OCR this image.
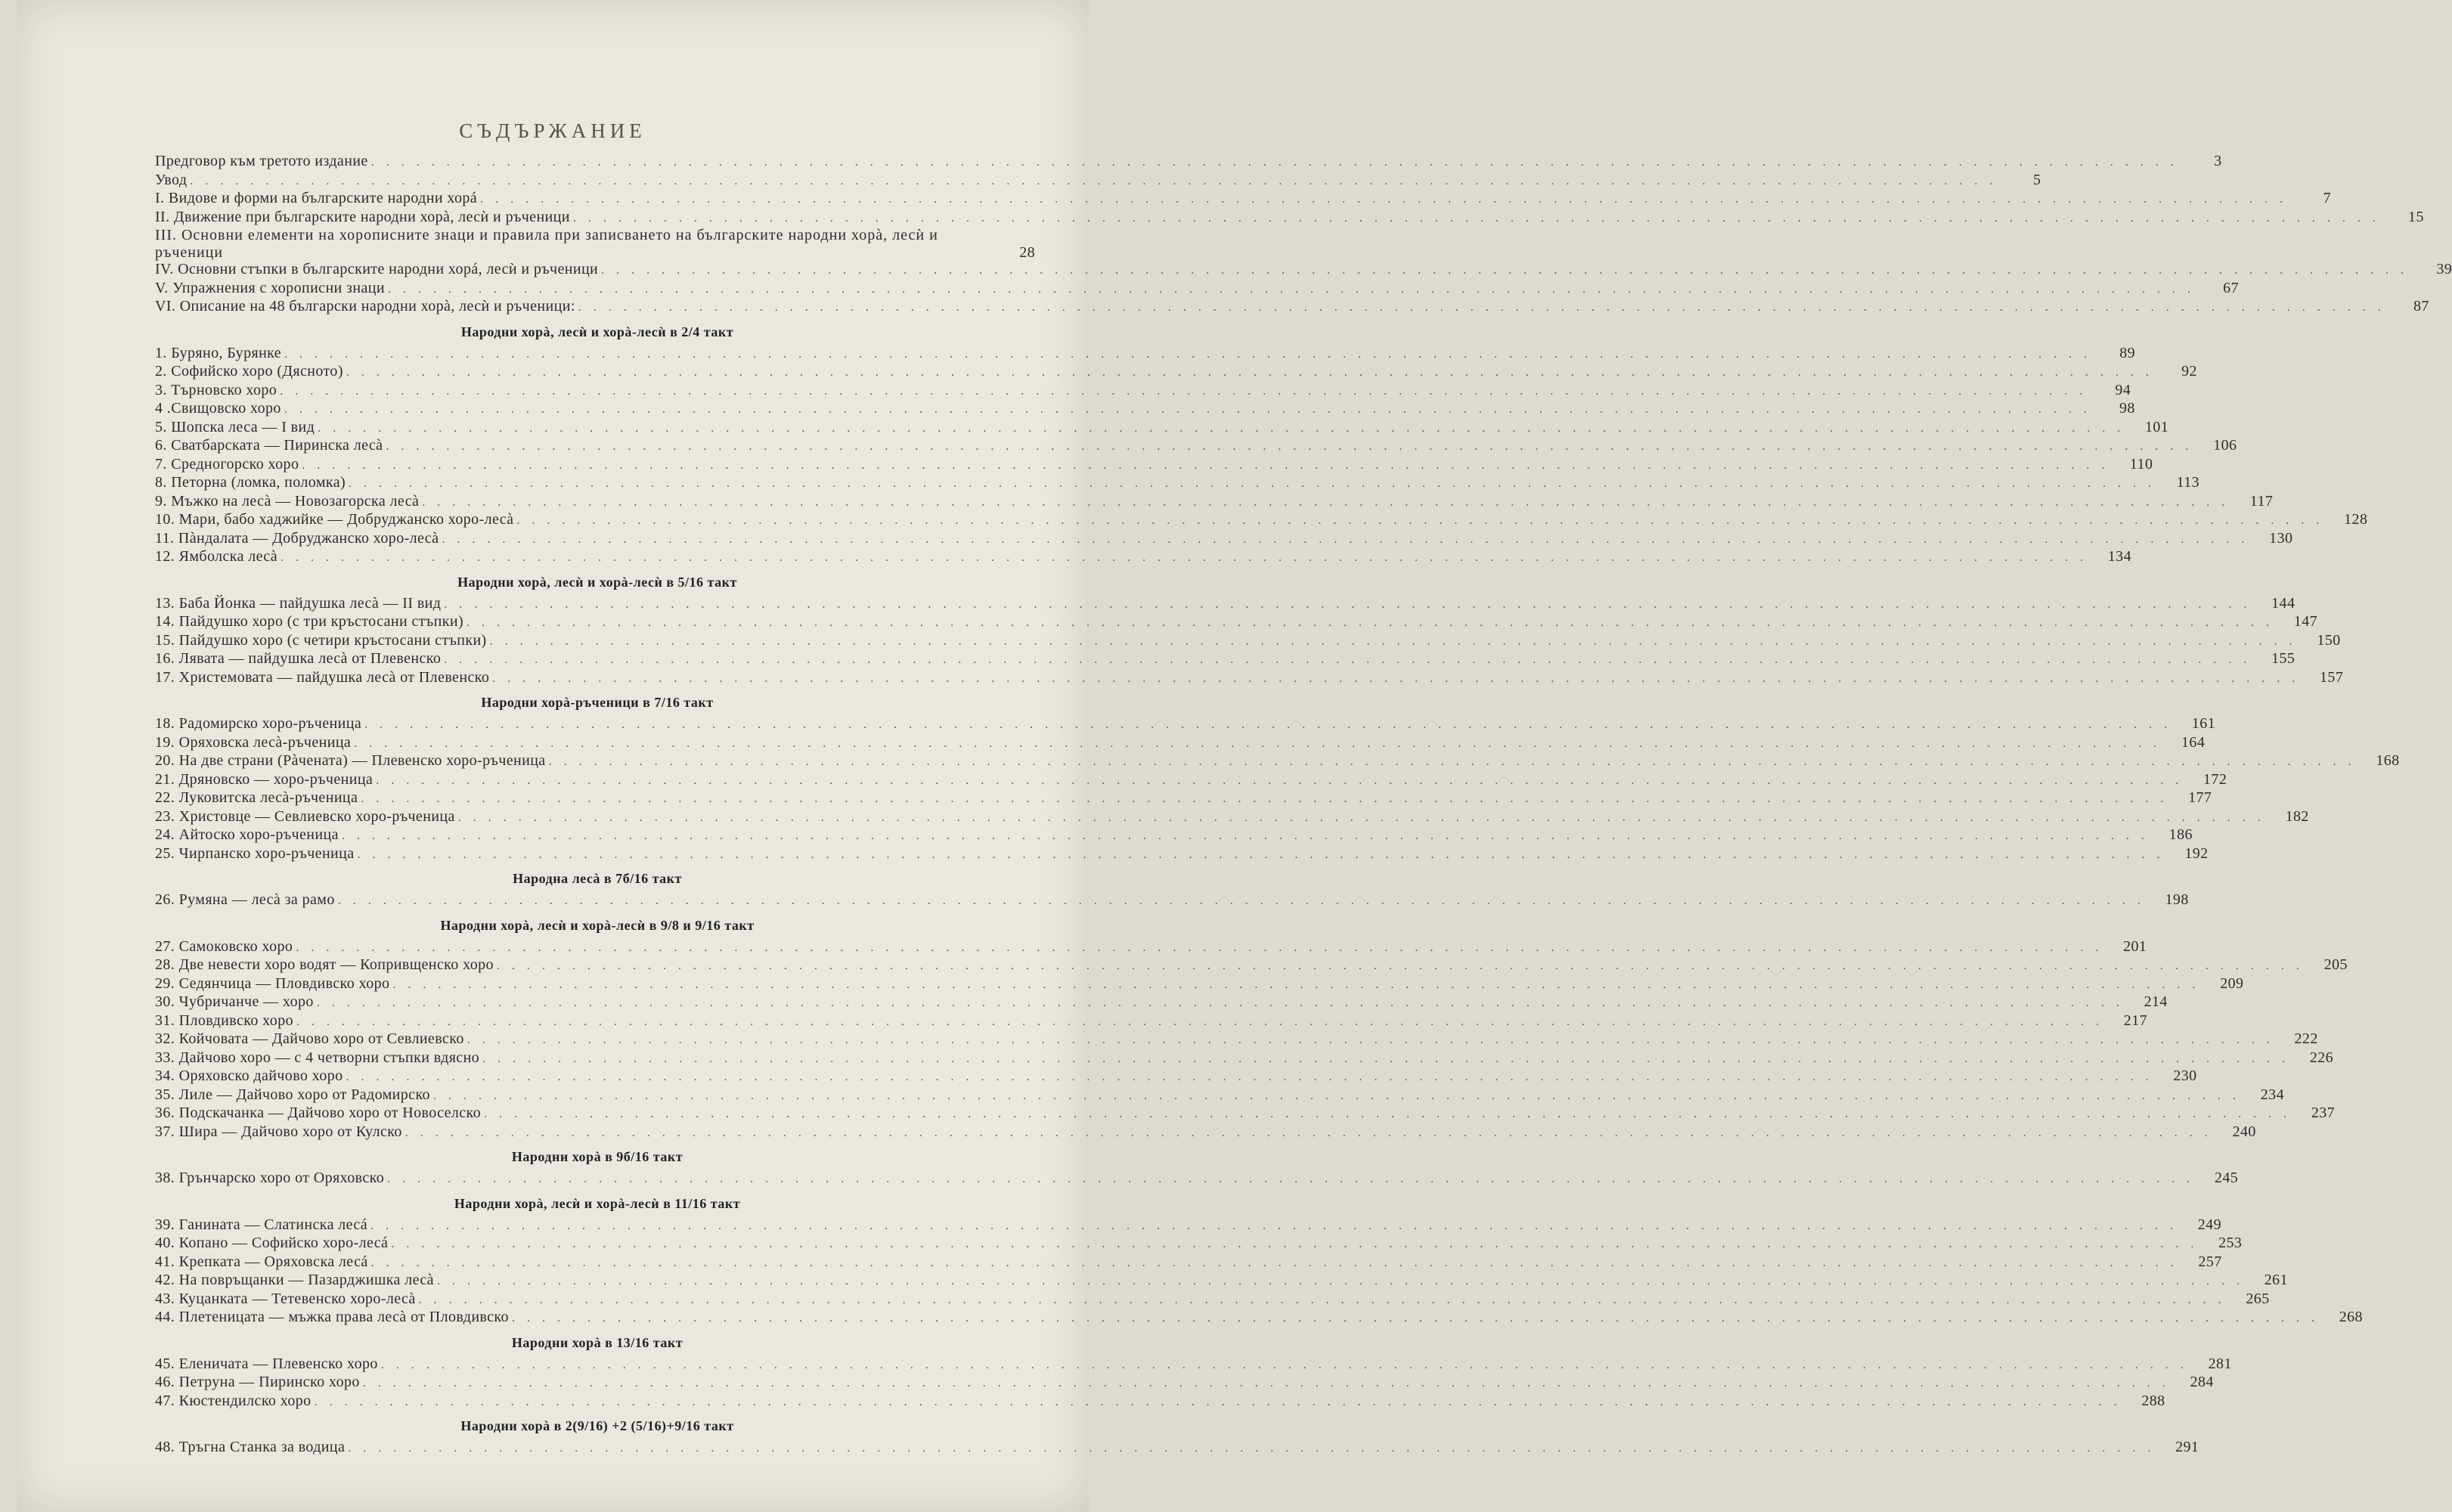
СЪДЪРЖАНИЕ
Предговор към третото издание . . . . . . . . . . . . . . . . . . . . . . . . . . . . . . . . . . . . . . . . . . . . . . . . . . . . . . . . . . . . . . . . . . . . . . . . . . . . . . . . . . . . . . . . . . . . . . . . . . . . . . . . . . . . . . . . . . . . . . . .	3
Увод . . . . . . . . . . . . . . . . . . . . . . . . . . . . . . . . . . . . . . . . . . . . . . . . . . . . . . . . . . . . . . . . . . . . . . . . . . . . . . . . . . . . . . . . . . . . . . . . . . . . . . . . . . . . . . . . . . . . . . . .	5
I. Видове и форми на българските народни хорá . . . . . . . . . . . . . . . . . . . . . . . . . . . . . . . . . . . . . . . . . . . . . . . . . . . . . . . . . . . . . . . . . . . . . . . . . . . . . . . . . . . . . . . . . . . . . . . . . . . . . . . . . . . . . . . . . . . . . . . .	7
II. Движение при българските народни хорà, лесѝ и ръченици . . . . . . . . . . . . . . . . . . . . . . . . . . . . . . . . . . . . . . . . . . . . . . . . . . . . . . . . . . . . . . . . . . . . . . . . . . . . . . . . . . . . . . . . . . . . . . . . . . . . . . . . . . . . . . . . . . . . . . . .	15
III. Основни елементи на хорописните знаци и правила при записването на българските народни хорà, лесѝ и ръченици	28
IV. Основни стъпки в българските народни хорá, лесѝ и ръченици . . . . . . . . . . . . . . . . . . . . . . . . . . . . . . . . . . . . . . . . . . . . . . . . . . . . . . . . . . . . . . . . . . . . . . . . . . . . . . . . . . . . . . . . . . . . . . . . . . . . . . . . . . . . . . . . . . . . . . . .	39
V. Упражнения с хорописни знаци . . . . . . . . . . . . . . . . . . . . . . . . . . . . . . . . . . . . . . . . . . . . . . . . . . . . . . . . . . . . . . . . . . . . . . . . . . . . . . . . . . . . . . . . . . . . . . . . . . . . . . . . . . . . . . . . . . . . . . . .	67
VI. Описание на 48 български народни хорà, лесѝ и ръченици: . . . . . . . . . . . . . . . . . . . . . . . . . . . . . . . . . . . . . . . . . . . . . . . . . . . . . . . . . . . . . . . . . . . . . . . . . . . . . . . . . . . . . . . . . . . . . . . . . . . . . . . . . . . . . . . . . . . . . . . .	87
Народни хорà, лесѝ и хорà-лесѝ в 2/4 такт
1. Буряно, Бурянке . . . . . . . . . . . . . . . . . . . . . . . . . . . . . . . . . . . . . . . . . . . . . . . . . . . . . . . . . . . . . . . . . . . . . . . . . . . . . . . . . . . . . . . . . . . . . . . . . . . . . . . . . . . . . . . . . . . . . . . .	89
2. Софийско хоро (Дясното) . . . . . . . . . . . . . . . . . . . . . . . . . . . . . . . . . . . . . . . . . . . . . . . . . . . . . . . . . . . . . . . . . . . . . . . . . . . . . . . . . . . . . . . . . . . . . . . . . . . . . . . . . . . . . . . . . . . . . . . .	92
3. Търновско хоро . . . . . . . . . . . . . . . . . . . . . . . . . . . . . . . . . . . . . . . . . . . . . . . . . . . . . . . . . . . . . . . . . . . . . . . . . . . . . . . . . . . . . . . . . . . . . . . . . . . . . . . . . . . . . . . . . . . . . . . .	94
4 .Свищовско хоро . . . . . . . . . . . . . . . . . . . . . . . . . . . . . . . . . . . . . . . . . . . . . . . . . . . . . . . . . . . . . . . . . . . . . . . . . . . . . . . . . . . . . . . . . . . . . . . . . . . . . . . . . . . . . . . . . . . . . . . .	98
5. Шопска леса — I вид . . . . . . . . . . . . . . . . . . . . . . . . . . . . . . . . . . . . . . . . . . . . . . . . . . . . . . . . . . . . . . . . . . . . . . . . . . . . . . . . . . . . . . . . . . . . . . . . . . . . . . . . . . . . . . . . . . . . . . . .	101
6. Сватбарската — Пиринска лесà . . . . . . . . . . . . . . . . . . . . . . . . . . . . . . . . . . . . . . . . . . . . . . . . . . . . . . . . . . . . . . . . . . . . . . . . . . . . . . . . . . . . . . . . . . . . . . . . . . . . . . . . . . . . . . . . . . . . . . . .	106
7. Средногорско хоро . . . . . . . . . . . . . . . . . . . . . . . . . . . . . . . . . . . . . . . . . . . . . . . . . . . . . . . . . . . . . . . . . . . . . . . . . . . . . . . . . . . . . . . . . . . . . . . . . . . . . . . . . . . . . . . . . . . . . . . .	110
8. Петорна (ломка, поломка) . . . . . . . . . . . . . . . . . . . . . . . . . . . . . . . . . . . . . . . . . . . . . . . . . . . . . . . . . . . . . . . . . . . . . . . . . . . . . . . . . . . . . . . . . . . . . . . . . . . . . . . . . . . . . . . . . . . . . . . .	113
9. Мъжко на лесà — Новозагорска лесà . . . . . . . . . . . . . . . . . . . . . . . . . . . . . . . . . . . . . . . . . . . . . . . . . . . . . . . . . . . . . . . . . . . . . . . . . . . . . . . . . . . . . . . . . . . . . . . . . . . . . . . . . . . . . . . . . . . . . . . .	117
10. Мари, бабо хаджийке — Добруджанско хоро-лесà . . . . . . . . . . . . . . . . . . . . . . . . . . . . . . . . . . . . . . . . . . . . . . . . . . . . . . . . . . . . . . . . . . . . . . . . . . . . . . . . . . . . . . . . . . . . . . . . . . . . . . . . . . . . . . . . . . . . . . . .	128
11. Пàндалата — Добруджанско хоро-лесà . . . . . . . . . . . . . . . . . . . . . . . . . . . . . . . . . . . . . . . . . . . . . . . . . . . . . . . . . . . . . . . . . . . . . . . . . . . . . . . . . . . . . . . . . . . . . . . . . . . . . . . . . . . . . . . . . . . . . . . .	130
12. Ямболска лесà . . . . . . . . . . . . . . . . . . . . . . . . . . . . . . . . . . . . . . . . . . . . . . . . . . . . . . . . . . . . . . . . . . . . . . . . . . . . . . . . . . . . . . . . . . . . . . . . . . . . . . . . . . . . . . . . . . . . . . . .	134
Народни хорà, лесѝ и хорà-лесѝ в 5/16 такт
13. Баба Йонка — пайдушка лесà — II вид . . . . . . . . . . . . . . . . . . . . . . . . . . . . . . . . . . . . . . . . . . . . . . . . . . . . . . . . . . . . . . . . . . . . . . . . . . . . . . . . . . . . . . . . . . . . . . . . . . . . . . . . . . . . . . . . . . . . . . . .	144
14. Пайдушко хоро (с три кръстосани стъпки) . . . . . . . . . . . . . . . . . . . . . . . . . . . . . . . . . . . . . . . . . . . . . . . . . . . . . . . . . . . . . . . . . . . . . . . . . . . . . . . . . . . . . . . . . . . . . . . . . . . . . . . . . . . . . . . . . . . . . . . .	147
15. Пайдушко хоро (с четири кръстосани стъпки) . . . . . . . . . . . . . . . . . . . . . . . . . . . . . . . . . . . . . . . . . . . . . . . . . . . . . . . . . . . . . . . . . . . . . . . . . . . . . . . . . . . . . . . . . . . . . . . . . . . . . . . . . . . . . . . . . . . . . . . .	150
16. Лявата — пайдушка лесà от Плевенско . . . . . . . . . . . . . . . . . . . . . . . . . . . . . . . . . . . . . . . . . . . . . . . . . . . . . . . . . . . . . . . . . . . . . . . . . . . . . . . . . . . . . . . . . . . . . . . . . . . . . . . . . . . . . . . . . . . . . . . .	155
17. Христемовата — пайдушка лесà от Плевенско . . . . . . . . . . . . . . . . . . . . . . . . . . . . . . . . . . . . . . . . . . . . . . . . . . . . . . . . . . . . . . . . . . . . . . . . . . . . . . . . . . . . . . . . . . . . . . . . . . . . . . . . . . . . . . . . . . . . . . . .	157
Народни хорà-ръченици в 7/16 такт
18. Радомирско хоро-ръченица . . . . . . . . . . . . . . . . . . . . . . . . . . . . . . . . . . . . . . . . . . . . . . . . . . . . . . . . . . . . . . . . . . . . . . . . . . . . . . . . . . . . . . . . . . . . . . . . . . . . . . . . . . . . . . . . . . . . . . . .	161
19. Оряховска лесà-ръченица . . . . . . . . . . . . . . . . . . . . . . . . . . . . . . . . . . . . . . . . . . . . . . . . . . . . . . . . . . . . . . . . . . . . . . . . . . . . . . . . . . . . . . . . . . . . . . . . . . . . . . . . . . . . . . . . . . . . . . . .	164
20. На две страни (Рàчената) — Плевенско хоро-ръченица . . . . . . . . . . . . . . . . . . . . . . . . . . . . . . . . . . . . . . . . . . . . . . . . . . . . . . . . . . . . . . . . . . . . . . . . . . . . . . . . . . . . . . . . . . . . . . . . . . . . . . . . . . . . . . . . . . . . . . . .	168
21. Дряновско — хоро-ръченица . . . . . . . . . . . . . . . . . . . . . . . . . . . . . . . . . . . . . . . . . . . . . . . . . . . . . . . . . . . . . . . . . . . . . . . . . . . . . . . . . . . . . . . . . . . . . . . . . . . . . . . . . . . . . . . . . . . . . . . .	172
22. Луковитска лесà-ръченица . . . . . . . . . . . . . . . . . . . . . . . . . . . . . . . . . . . . . . . . . . . . . . . . . . . . . . . . . . . . . . . . . . . . . . . . . . . . . . . . . . . . . . . . . . . . . . . . . . . . . . . . . . . . . . . . . . . . . . . .	177
23. Христовце — Севлиевско хоро-ръченица . . . . . . . . . . . . . . . . . . . . . . . . . . . . . . . . . . . . . . . . . . . . . . . . . . . . . . . . . . . . . . . . . . . . . . . . . . . . . . . . . . . . . . . . . . . . . . . . . . . . . . . . . . . . . . . . . . . . . . . .	182
24. Айтоско хоро-ръченица . . . . . . . . . . . . . . . . . . . . . . . . . . . . . . . . . . . . . . . . . . . . . . . . . . . . . . . . . . . . . . . . . . . . . . . . . . . . . . . . . . . . . . . . . . . . . . . . . . . . . . . . . . . . . . . . . . . . . . . .	186
25. Чирпанско хоро-ръченица . . . . . . . . . . . . . . . . . . . . . . . . . . . . . . . . . . . . . . . . . . . . . . . . . . . . . . . . . . . . . . . . . . . . . . . . . . . . . . . . . . . . . . . . . . . . . . . . . . . . . . . . . . . . . . . . . . . . . . . .	192
Народна лесà в 7б/16 такт
26. Румяна — лесà за рамо . . . . . . . . . . . . . . . . . . . . . . . . . . . . . . . . . . . . . . . . . . . . . . . . . . . . . . . . . . . . . . . . . . . . . . . . . . . . . . . . . . . . . . . . . . . . . . . . . . . . . . . . . . . . . . . . . . . . . . . .	198
Народни хорà, лесѝ и хорà-лесѝ в 9/8 и 9/16 такт
27. Самоковско хоро . . . . . . . . . . . . . . . . . . . . . . . . . . . . . . . . . . . . . . . . . . . . . . . . . . . . . . . . . . . . . . . . . . . . . . . . . . . . . . . . . . . . . . . . . . . . . . . . . . . . . . . . . . . . . . . . . . . . . . . .	201
28. Две невести хоро водят — Копривщенско хоро . . . . . . . . . . . . . . . . . . . . . . . . . . . . . . . . . . . . . . . . . . . . . . . . . . . . . . . . . . . . . . . . . . . . . . . . . . . . . . . . . . . . . . . . . . . . . . . . . . . . . . . . . . . . . . . . . . . . . . . .	205
29. Седянчица — Пловдивско хоро . . . . . . . . . . . . . . . . . . . . . . . . . . . . . . . . . . . . . . . . . . . . . . . . . . . . . . . . . . . . . . . . . . . . . . . . . . . . . . . . . . . . . . . . . . . . . . . . . . . . . . . . . . . . . . . . . . . . . . . .	209
30. Чубричанче — хоро . . . . . . . . . . . . . . . . . . . . . . . . . . . . . . . . . . . . . . . . . . . . . . . . . . . . . . . . . . . . . . . . . . . . . . . . . . . . . . . . . . . . . . . . . . . . . . . . . . . . . . . . . . . . . . . . . . . . . . . .	214
31. Пловдивско хоро . . . . . . . . . . . . . . . . . . . . . . . . . . . . . . . . . . . . . . . . . . . . . . . . . . . . . . . . . . . . . . . . . . . . . . . . . . . . . . . . . . . . . . . . . . . . . . . . . . . . . . . . . . . . . . . . . . . . . . . .	217
32. Койчовата — Дайчово хоро от Севлиевско . . . . . . . . . . . . . . . . . . . . . . . . . . . . . . . . . . . . . . . . . . . . . . . . . . . . . . . . . . . . . . . . . . . . . . . . . . . . . . . . . . . . . . . . . . . . . . . . . . . . . . . . . . . . . . . . . . . . . . . .	222
33. Дайчово хоро — с 4 четворни стъпки вдясно . . . . . . . . . . . . . . . . . . . . . . . . . . . . . . . . . . . . . . . . . . . . . . . . . . . . . . . . . . . . . . . . . . . . . . . . . . . . . . . . . . . . . . . . . . . . . . . . . . . . . . . . . . . . . . . . . . . . . . . .	226
34. Оряховско дайчово хоро . . . . . . . . . . . . . . . . . . . . . . . . . . . . . . . . . . . . . . . . . . . . . . . . . . . . . . . . . . . . . . . . . . . . . . . . . . . . . . . . . . . . . . . . . . . . . . . . . . . . . . . . . . . . . . . . . . . . . . . .	230
35. Лиле — Дайчово хоро от Радомирско . . . . . . . . . . . . . . . . . . . . . . . . . . . . . . . . . . . . . . . . . . . . . . . . . . . . . . . . . . . . . . . . . . . . . . . . . . . . . . . . . . . . . . . . . . . . . . . . . . . . . . . . . . . . . . . . . . . . . . . .	234
36. Подскачанка — Дайчово хоро от Новоселско . . . . . . . . . . . . . . . . . . . . . . . . . . . . . . . . . . . . . . . . . . . . . . . . . . . . . . . . . . . . . . . . . . . . . . . . . . . . . . . . . . . . . . . . . . . . . . . . . . . . . . . . . . . . . . . . . . . . . . . .	237
37. Шира — Дайчово хоро от Кулско . . . . . . . . . . . . . . . . . . . . . . . . . . . . . . . . . . . . . . . . . . . . . . . . . . . . . . . . . . . . . . . . . . . . . . . . . . . . . . . . . . . . . . . . . . . . . . . . . . . . . . . . . . . . . . . . . . . . . . . .	240
Народни хорà в 9б/16 такт
38. Грънчарско хоро от Оряховско . . . . . . . . . . . . . . . . . . . . . . . . . . . . . . . . . . . . . . . . . . . . . . . . . . . . . . . . . . . . . . . . . . . . . . . . . . . . . . . . . . . . . . . . . . . . . . . . . . . . . . . . . . . . . . . . . . . . . . . .	245
Народни хорà, лесѝ и хорà-лесѝ в 11/16 такт
39. Ганината — Слатинска лесá . . . . . . . . . . . . . . . . . . . . . . . . . . . . . . . . . . . . . . . . . . . . . . . . . . . . . . . . . . . . . . . . . . . . . . . . . . . . . . . . . . . . . . . . . . . . . . . . . . . . . . . . . . . . . . . . . . . . . . . .	249
40. Копано — Софийско хоро-лесá . . . . . . . . . . . . . . . . . . . . . . . . . . . . . . . . . . . . . . . . . . . . . . . . . . . . . . . . . . . . . . . . . . . . . . . . . . . . . . . . . . . . . . . . . . . . . . . . . . . . . . . . . . . . . . . . . . . . . . . .	253
41. Крепката — Оряховска лесá . . . . . . . . . . . . . . . . . . . . . . . . . . . . . . . . . . . . . . . . . . . . . . . . . . . . . . . . . . . . . . . . . . . . . . . . . . . . . . . . . . . . . . . . . . . . . . . . . . . . . . . . . . . . . . . . . . . . . . . .	257
42. На повръщанки — Пазарджишка лесà . . . . . . . . . . . . . . . . . . . . . . . . . . . . . . . . . . . . . . . . . . . . . . . . . . . . . . . . . . . . . . . . . . . . . . . . . . . . . . . . . . . . . . . . . . . . . . . . . . . . . . . . . . . . . . . . . . . . . . . .	261
43. Куцанката — Тетевенско хоро-лесà . . . . . . . . . . . . . . . . . . . . . . . . . . . . . . . . . . . . . . . . . . . . . . . . . . . . . . . . . . . . . . . . . . . . . . . . . . . . . . . . . . . . . . . . . . . . . . . . . . . . . . . . . . . . . . . . . . . . . . . .	265
44. Плетеницата — мъжка права лесà от Пловдивско . . . . . . . . . . . . . . . . . . . . . . . . . . . . . . . . . . . . . . . . . . . . . . . . . . . . . . . . . . . . . . . . . . . . . . . . . . . . . . . . . . . . . . . . . . . . . . . . . . . . . . . . . . . . . . . . . . . . . . . .	268
Народни хорà в 13/16 такт
45. Еленичата — Плевенско хоро . . . . . . . . . . . . . . . . . . . . . . . . . . . . . . . . . . . . . . . . . . . . . . . . . . . . . . . . . . . . . . . . . . . . . . . . . . . . . . . . . . . . . . . . . . . . . . . . . . . . . . . . . . . . . . . . . . . . . . . .	281
46. Петруна — Пиринско хоро . . . . . . . . . . . . . . . . . . . . . . . . . . . . . . . . . . . . . . . . . . . . . . . . . . . . . . . . . . . . . . . . . . . . . . . . . . . . . . . . . . . . . . . . . . . . . . . . . . . . . . . . . . . . . . . . . . . . . . . .	284
47. Кюстендилско хоро . . . . . . . . . . . . . . . . . . . . . . . . . . . . . . . . . . . . . . . . . . . . . . . . . . . . . . . . . . . . . . . . . . . . . . . . . . . . . . . . . . . . . . . . . . . . . . . . . . . . . . . . . . . . . . . . . . . . . . . .	288
Народни хорà в 2(9/16) +2 (5/16)+9/16 такт
48. Тръгна Станка за водица . . . . . . . . . . . . . . . . . . . . . . . . . . . . . . . . . . . . . . . . . . . . . . . . . . . . . . . . . . . . . . . . . . . . . . . . . . . . . . . . . . . . . . . . . . . . . . . . . . . . . . . . . . . . . . . . . . . . . . . .	291
